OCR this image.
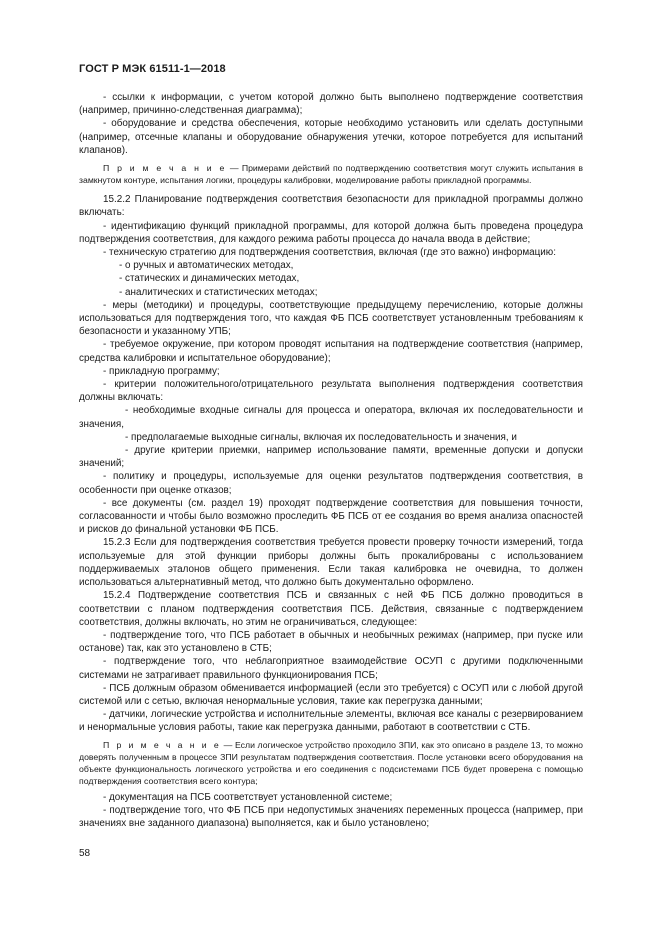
ГОСТ Р МЭК 61511-1—2018

- ссылки к информации, с учетом которой должно быть выполнено подтверждение соответствия (например, причинно-следственная диаграмма);

- оборудование и средства обеспечения, которые необходимо установить или сделать доступными (например, отсечные клапаны и оборудование обнаружения утечки, которое потребуется для испытаний клапанов).

П р и м е ч а н и е — Примерами действий по подтверждению соответствия могут служить испытания в замкнутом контуре, испытания логики, процедуры калибровки, моделирование работы прикладной программы.

15.2.2 Планирование подтверждения соответствия безопасности для прикладной программы должно включать:

- идентификацию функций прикладной программы, для которой должна быть проведена процедура подтверждения соответствия, для каждого режима работы процесса до начала ввода в действие;

- техническую стратегию для подтверждения соответствия, включая (где это важно) информацию:

- о ручных и автоматических методах,

- статических и динамических методах,

- аналитических и статистических методах;

- меры (методики) и процедуры, соответствующие предыдущему перечислению, которые должны использоваться для подтверждения того, что каждая ФБ ПСБ соответствует установленным требованиям к безопасности и указанному УПБ;

- требуемое окружение, при котором проводят испытания на подтверждение соответствия (например, средства калибровки и испытательное оборудование);

- прикладную программу;

- критерии положительного/отрицательного результата выполнения подтверждения соответствия должны включать:

- необходимые входные сигналы для процесса и оператора, включая их последовательности и значения,

- предполагаемые выходные сигналы, включая их последовательность и значения, и

- другие критерии приемки, например использование памяти, временные допуски и допуски значений;

- политику и процедуры, используемые для оценки результатов подтверждения соответствия, в особенности при оценке отказов;

- все документы (см. раздел 19) проходят подтверждение соответствия для повышения точности, согласованности и чтобы было возможно проследить ФБ ПСБ от ее создания во время анализа опасностей и рисков до финальной установки ФБ ПСБ.

15.2.3 Если для подтверждения соответствия требуется провести проверку точности измерений, тогда используемые для этой функции приборы должны быть прокалиброваны с использованием поддерживаемых эталонов общего применения. Если такая калибровка не очевидна, то должен использоваться альтернативный метод, что должно быть документально оформлено.

15.2.4 Подтверждение соответствия ПСБ и связанных с ней ФБ ПСБ должно проводиться в соответствии с планом подтверждения соответствия ПСБ. Действия, связанные с подтверждением соответствия, должны включать, но этим не ограничиваться, следующее:

- подтверждение того, что ПСБ работает в обычных и необычных режимах (например, при пуске или останове) так, как это установлено в СТБ;

- подтверждение того, что неблагоприятное взаимодействие ОСУП с другими подключенными системами не затрагивает правильного функционирования ПСБ;

- ПСБ должным образом обменивается информацией (если это требуется) с ОСУП или с любой другой системой или с сетью, включая ненормальные условия, такие как перегрузка данными;

- датчики, логические устройства и исполнительные элементы, включая все каналы с резервированием и ненормальные условия работы, такие как перегрузка данными, работают в соответствии с СТБ.

П р и м е ч а н и е — Если логическое устройство проходило ЗПИ, как это описано в разделе 13, то можно доверять полученным в процессе ЗПИ результатам подтверждения соответствия. После установки всего оборудования на объекте функциональность логического устройства и его соединения с подсистемами ПСБ будет проверена с помощью подтверждения соответствия всего контура;

- документация на ПСБ соответствует установленной системе;

- подтверждение того, что ФБ ПСБ при недопустимых значениях переменных процесса (например, при значениях вне заданного диапазона) выполняется, как и было установлено;

58
